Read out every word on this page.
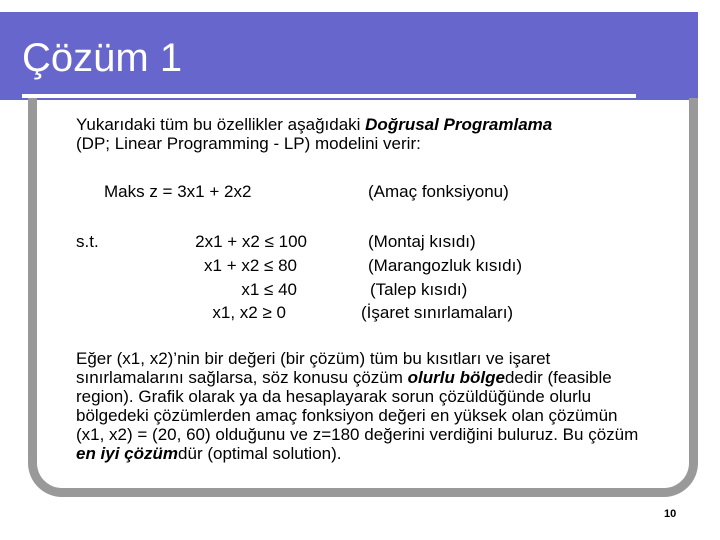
Çözüm 1
Yukarıdaki tüm bu özellikler aşağıdaki Doğrusal Programlama
(DP; Linear Programming - LP) modelini verir:
Maks z = 3x1 + 2x2	(Amaç fonksiyonu)
s.t.	2x1 + x2 ≤ 100
x1 + x2 ≤ 80
x1 ≤ 40
x1, x2 ≥ 0
(Montaj kısıdı)
(Marangozluk kısıdı)
(Talep kısıdı)
(İşaret sınırlamaları)
Eğer (x1, x2)’nin bir değeri (bir çözüm) tüm bu kısıtları ve işaret sınırlamalarını sağlarsa, söz konusu çözüm olurlu bölgededir (feasible region). Grafik olarak ya da hesaplayarak sorun çözüldüğünde olurlu bölgedeki çözümlerden amaç fonksiyon değeri en yüksek olan çözümün (x1, x2) = (20, 60) olduğunu ve z=180 değerini verdiğini buluruz. Bu çözüm en iyi çözümdür (optimal solution).
10
